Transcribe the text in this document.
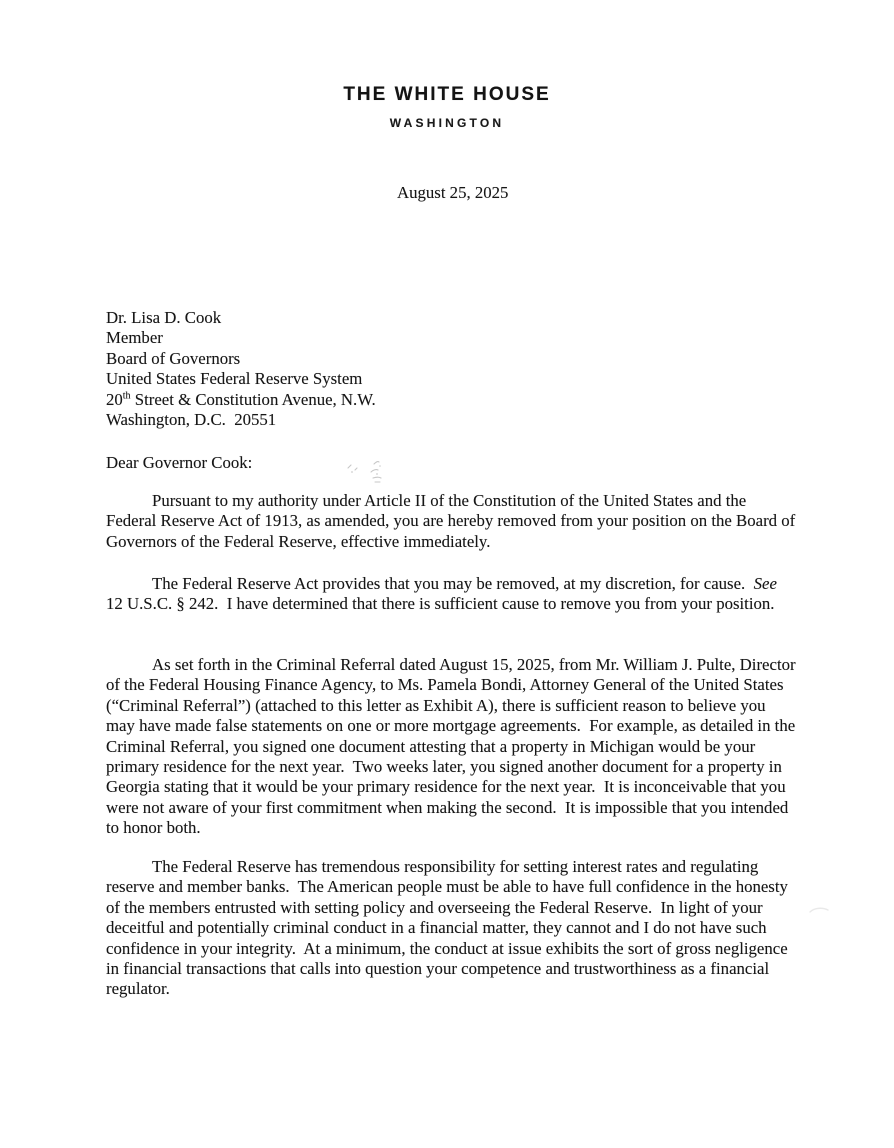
THE WHITE HOUSE
WASHINGTON
August 25, 2025
Dr. Lisa D. Cook
Member
Board of Governors
United States Federal Reserve System
20th Street & Constitution Avenue, N.W.
Washington, D.C.  20551
Dear Governor Cook:

Pursuant to my authority under Article II of the Constitution of the United States and the Federal Reserve Act of 1913, as amended, you are hereby removed from your position on the Board of Governors of the Federal Reserve, effective immediately.

The Federal Reserve Act provides that you may be removed, at my discretion, for cause.  See 12 U.S.C. § 242.  I have determined that there is sufficient cause to remove you from your position.

As set forth in the Criminal Referral dated August 15, 2025, from Mr. William J. Pulte, Director of the Federal Housing Finance Agency, to Ms. Pamela Bondi, Attorney General of the United States (“Criminal Referral”) (attached to this letter as Exhibit A), there is sufficient reason to believe you may have made false statements on one or more mortgage agreements.  For example, as detailed in the Criminal Referral, you signed one document attesting that a property in Michigan would be your primary residence for the next year.  Two weeks later, you signed another document for a property in Georgia stating that it would be your primary residence for the next year.  It is inconceivable that you were not aware of your first commitment when making the second.  It is impossible that you intended to honor both.

The Federal Reserve has tremendous responsibility for setting interest rates and regulating reserve and member banks.  The American people must be able to have full confidence in the honesty of the members entrusted with setting policy and overseeing the Federal Reserve.  In light of your deceitful and potentially criminal conduct in a financial matter, they cannot and I do not have such confidence in your integrity.  At a minimum, the conduct at issue exhibits the sort of gross negligence in financial transactions that calls into question your competence and trustworthiness as a financial regulator.
